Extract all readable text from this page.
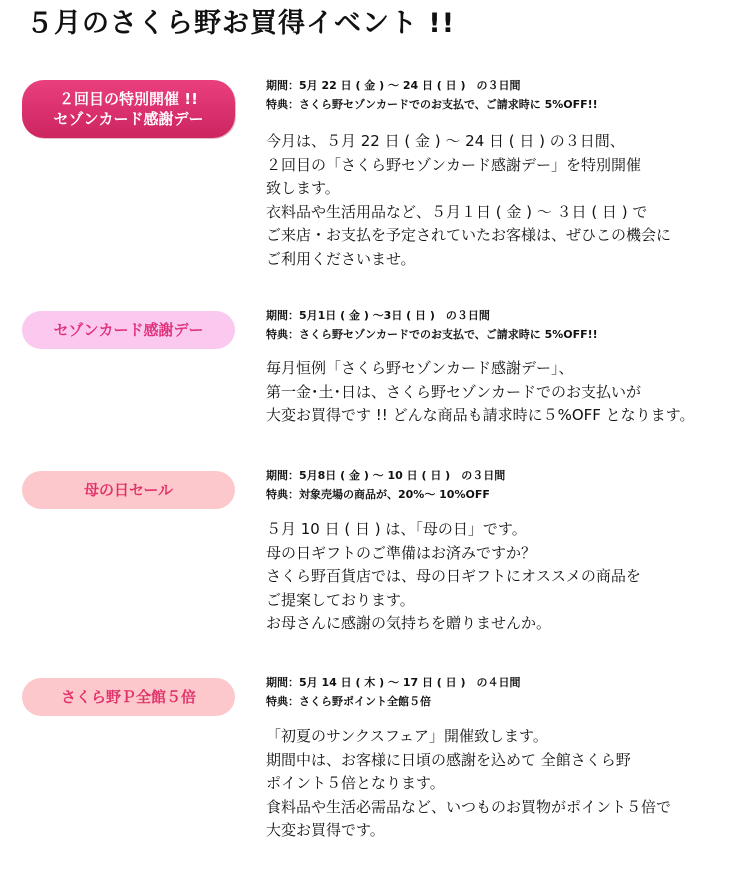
５月のさくら野お買得イベント !!
２回目の特別開催 !!
セゾンカード感謝デー
期間：5月 22 日 ( 金 ) ～ 24 日 ( 日 )　の３日間
特典：さくら野セゾンカードでのお支払で、ご請求時に 5%OFF!!
今月は、５月 22 日 ( 金 ) ～ 24 日 ( 日 ) の３日間、
２回目の「さくら野セゾンカード感謝デー」を特別開催
致します。
衣料品や生活用品など、５月１日 ( 金 ) ～ ３日 ( 日 ) で
ご来店・お支払を予定されていたお客様は、ぜひこの機会に
ご利用くださいませ。
セゾンカード感謝デー
期間：5月1日 ( 金 ) ～3日 ( 日 )　の３日間
特典：さくら野セゾンカードでのお支払で、ご請求時に 5%OFF!!
毎月恒例「さくら野セゾンカード感謝デー」、
第一金･土･日は、さくら野セゾンカードでのお支払いが
大変お買得です !! どんな商品も請求時に５%OFF となります。
母の日セール
期間：5月8日 ( 金 ) ～ 10 日 ( 日 )　の３日間
特典：対象売場の商品が、20%～ 10%OFF
５月 10 日 ( 日 ) は、「母の日」です。
母の日ギフトのご準備はお済みですか？
さくら野百貨店では、母の日ギフトにオススメの商品を
ご提案しております。
お母さんに感謝の気持ちを贈りませんか。
さくら野Ｐ全館５倍
期間：5月 14 日 ( 木 ) ～ 17 日 ( 日 )　の４日間
特典：さくら野ポイント全館５倍
「初夏のサンクスフェア」開催致します。
期間中は、お客様に日頃の感謝を込めて 全館さくら野
ポイント５倍となります。
食料品や生活必需品など、いつものお買物がポイント５倍で
大変お買得です。
